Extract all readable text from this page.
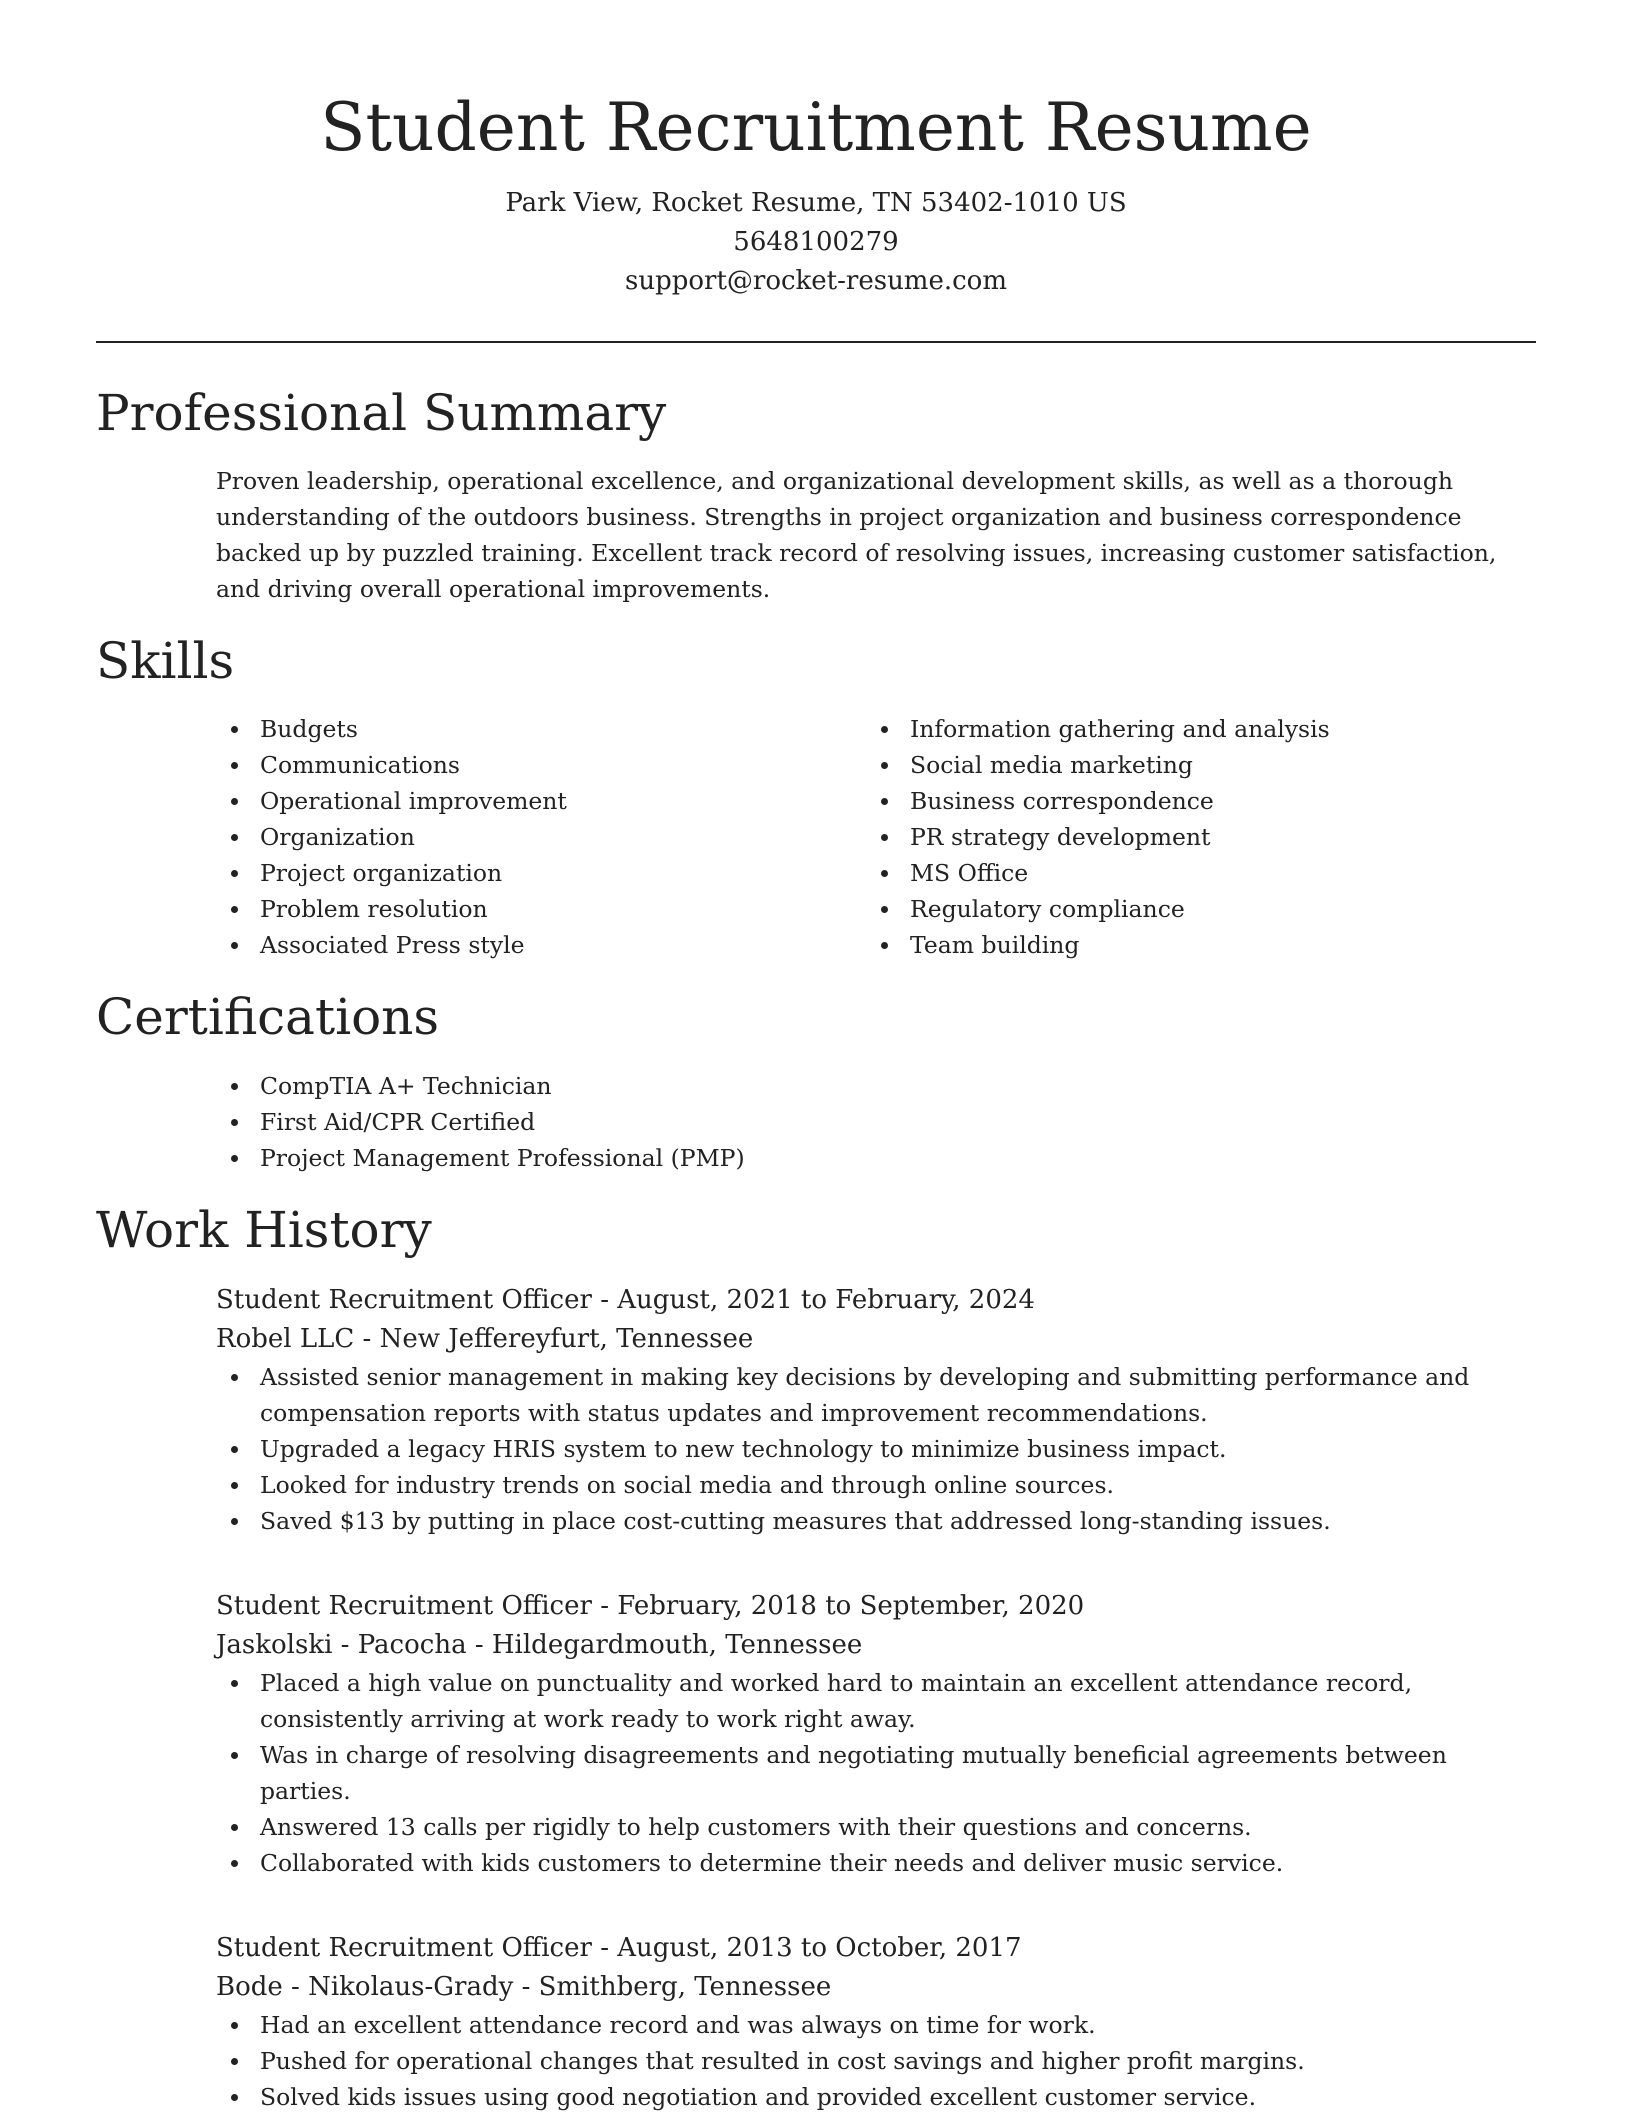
Student Recruitment Resume

Park View, Rocket Resume, TN 53402-1010 US

5648100279

support@rocket-resume.com

Professional Summary

Proven leadership, operational excellence, and organizational development skills, as well as a thorough understanding of the outdoors business. Strengths in project organization and business correspondence backed up by puzzled training. Excellent track record of resolving issues, increasing customer satisfaction, and driving overall operational improvements.

Skills
Budgets
Communications
Operational improvement
Organization
Project organization
Problem resolution
Associated Press style
Information gathering and analysis
Social media marketing
Business correspondence
PR strategy development
MS Office
Regulatory compliance
Team building
Certifications
CompTIA A+ Technician
First Aid/CPR Certified
Project Management Professional (PMP)
Work History

Student Recruitment Officer - August, 2021 to February, 2024

Robel LLC - New Jeffereyfurt, Tennessee

Assisted senior management in making key decisions by developing and submitting performance and compensation reports with status updates and improvement recommendations.
Upgraded a legacy HRIS system to new technology to minimize business impact.
Looked for industry trends on social media and through online sources.
Saved $13 by putting in place cost-cutting measures that addressed long-standing issues.

Student Recruitment Officer - February, 2018 to September, 2020

Jaskolski - Pacocha - Hildegardmouth, Tennessee

Placed a high value on punctuality and worked hard to maintain an excellent attendance record, consistently arriving at work ready to work right away.
Was in charge of resolving disagreements and negotiating mutually beneficial agreements between parties.
Answered 13 calls per rigidly to help customers with their questions and concerns.
Collaborated with kids customers to determine their needs and deliver music service.

Student Recruitment Officer - August, 2013 to October, 2017

Bode - Nikolaus-Grady - Smithberg, Tennessee

Had an excellent attendance record and was always on time for work.
Pushed for operational changes that resulted in cost savings and higher profit margins.
Solved kids issues using good negotiation and provided excellent customer service.
